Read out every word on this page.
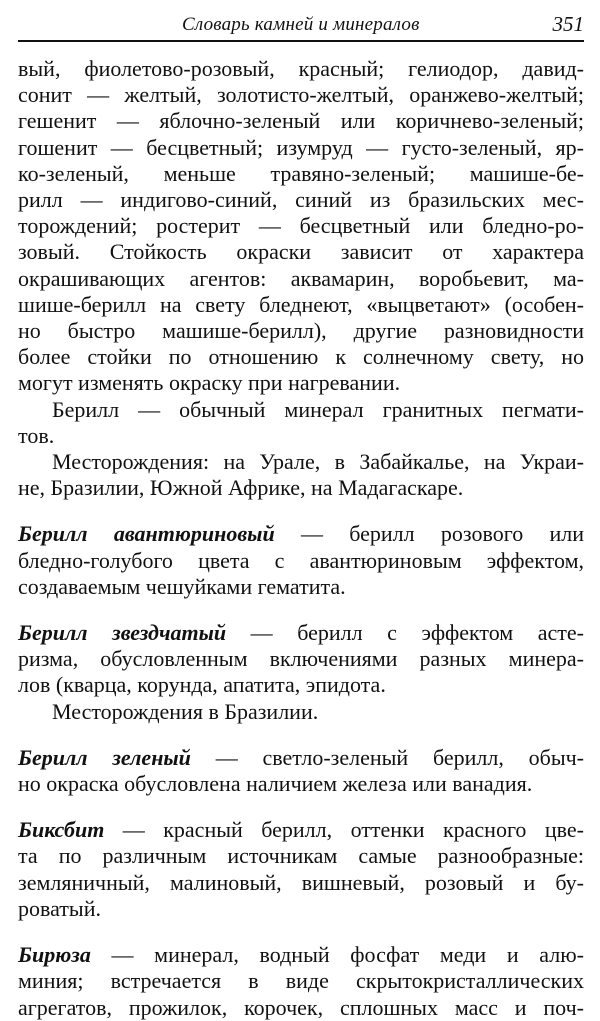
Словарь камней и минералов	351
вый, фиолетово-розовый, красный; гелиодор, давид-
сонит — желтый, золотисто-желтый, оранжево-желтый;
гешенит — яблочно-зеленый или коричнево-зеленый;
гошенит — бесцветный; изумруд — густо-зеленый, яр-
ко-зеленый, меньше травяно-зеленый; машише-бе-
рилл — индигово-синий, синий из бразильских мес-
торождений; ростерит — бесцветный или бледно-ро-
зовый. Стойкость окраски зависит от характера
окрашивающих агентов: аквамарин, воробьевит, ма-
шише-берилл на свету бледнеют, «выцветают» (особен-
но быстро машише-берилл), другие разновидности
более стойки по отношению к солнечному свету, но
могут изменять окраску при нагревании.
Берилл — обычный минерал гранитных пегмати-
тов.
Месторождения: на Урале, в Забайкалье, на Украи-
не, Бразилии, Южной Африке, на Мадагаскаре.
Берилл авантюриновый — берилл розового или
бледно-голубого цвета с авантюриновым эффектом,
создаваемым чешуйками гематита.
Берилл звездчатый — берилл с эффектом асте-
ризма, обусловленным включениями разных минера-
лов (кварца, корунда, апатита, эпидота.
Месторождения в Бразилии.
Берилл зеленый — светло-зеленый берилл, обыч-
но окраска обусловлена наличием железа или ванадия.
Биксбит — красный берилл, оттенки красного цве-
та по различным источникам самые разнообразные:
земляничный, малиновый, вишневый, розовый и бу-
роватый.
Бирюза — минерал, водный фосфат меди и алю-
миния; встречается в виде скрытокристаллических
агрегатов, прожилок, корочек, сплошных масс и поч-
